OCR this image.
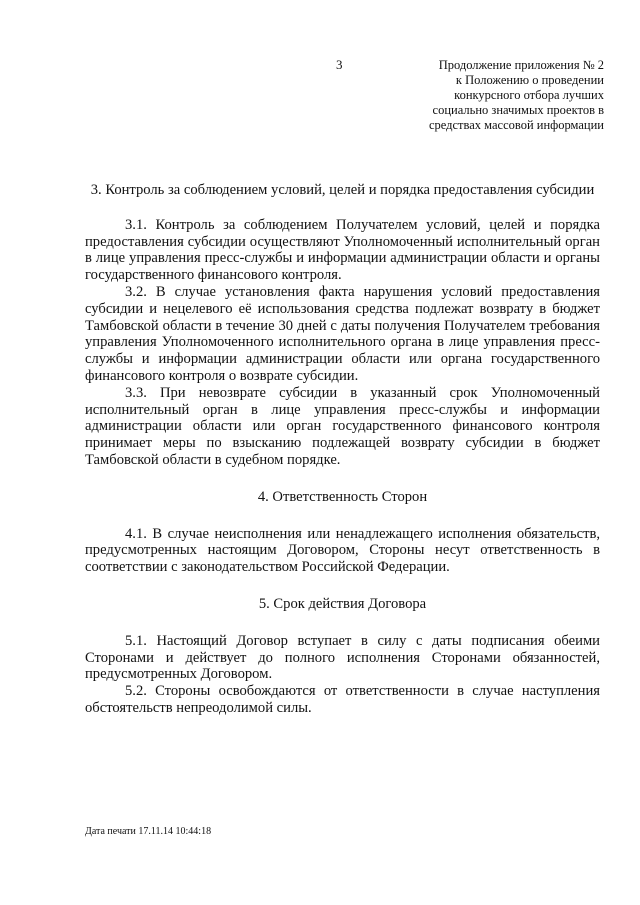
3	Продолжение приложения № 2
к Положению о проведении
конкурсного отбора лучших
социально значимых проектов в
средствах массовой информации
3. Контроль за соблюдением условий, целей и порядка предоставления субсидии

3.1. Контроль за соблюдением Получателем условий, целей и порядка предоставления субсидии осуществляют Уполномоченный исполнительный орган в лице управления пресс-службы и информации администрации области и органы государственного финансового контроля.

3.2. В случае установления факта нарушения условий предоставления субсидии и нецелевого её использования средства подлежат возврату в бюджет Тамбовской области в течение 30 дней с даты получения Получателем требования управления Уполномоченного исполнительного органа в лице управления пресс-службы и информации администрации области или органа государственного финансового контроля о возврате субсидии.

3.3. При невозврате субсидии в указанный срок Уполномоченный исполнительный орган в лице управления пресс-службы и информации администрации области или орган государственного финансового контроля принимает меры по взысканию подлежащей возврату субсидии в бюджет Тамбовской области в судебном порядке.

4. Ответственность Сторон

4.1. В случае неисполнения или ненадлежащего исполнения обязательств, предусмотренных настоящим Договором, Стороны несут ответственность в соответствии с законодательством Российской Федерации.

5. Срок действия Договора

5.1. Настоящий Договор вступает в силу с даты подписания обеими Сторонами и действует до полного исполнения Сторонами обязанностей, предусмотренных Договором.

5.2. Стороны освобождаются от ответственности в случае наступления обстоятельств непреодолимой силы.

Дата печати 17.11.14 10:44:18
